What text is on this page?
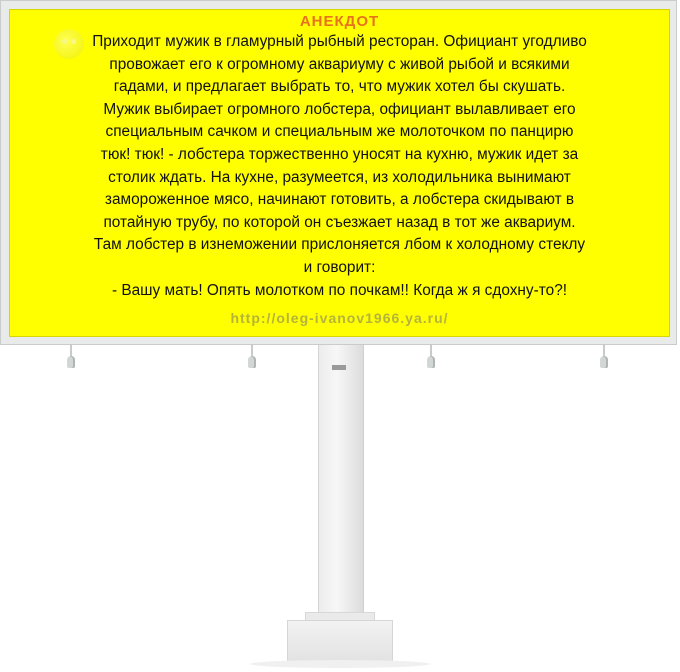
АНЕКДОТ
Приходит мужик в гламурный рыбный ресторан. Официант угодливо
провожает его к огромному аквариуму с живой рыбой и всякими
гадами, и предлагает выбрать то, что мужик хотел бы скушать.
Мужик выбирает огромного лобстера, официант вылавливает его
специальным сачком и специальным же молоточком по панцирю
тюк! тюк! - лобстера торжественно уносят на кухню, мужик идет за
столик ждать. На кухне, разумеется, из холодильника вынимают
замороженное мясо, начинают готовить, а лобстера скидывают в
потайную трубу, по которой он съезжает назад в тот же аквариум.
Там лобстер в изнеможении прислоняется лбом к холодному стеклу
и говорит:
- Вашу мать! Опять молотком по почкам!! Когда ж я сдохну-то?!
http://oleg-ivanov1966.ya.ru/
